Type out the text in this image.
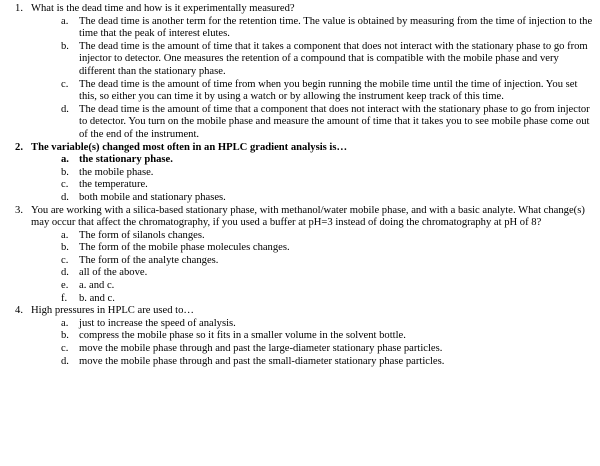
1. What is the dead time and how is it experimentally measured?
a.	The dead time is another term for the retention time. The value is obtained by measuring from the time of injection to the time that the peak of interest elutes.
b. The dead time is the amount of time that it takes a component that does not interact with the stationary phase to go from injector to detector. One measures the retention of a compound that is compatible with the mobile phase and very different than the stationary phase.
c.	The dead time is the amount of time from when you begin running the mobile time until the time of injection. You set this, so either you can time it by using a watch or by allowing the instrument keep track of this time.
d. The dead time is the amount of time that a component that does not interact with the stationary phase to go from injector to detector. You turn on the mobile phase and measure the amount of time that it takes you to see mobile phase come out of the end of the instrument.
2. The variable(s) changed most often in an HPLC gradient analysis is…
a. the stationary phase.
b. the mobile phase.
c.	the temperature.
d. both mobile and stationary phases.
3. You are working with a silica-based stationary phase, with methanol/water mobile phase, and with a basic analyte. What change(s) may occur that affect the chromatography, if you used a buffer at pH=3 instead of doing the chromatography at pH of 8?
a.	The form of silanols changes.
b. The form of the mobile phase molecules changes.
c.	The form of the analyte changes.
d. all of the above.
e.	a. and c.
f.	b. and c.
4. High pressures in HPLC are used to…
a.	just to increase the speed of analysis.
b. compress the mobile phase so it fits in a smaller volume in the solvent bottle.
c.	move the mobile phase through and past the large-diameter stationary phase particles.
d. move the mobile phase through and past the small-diameter stationary phase particles.
